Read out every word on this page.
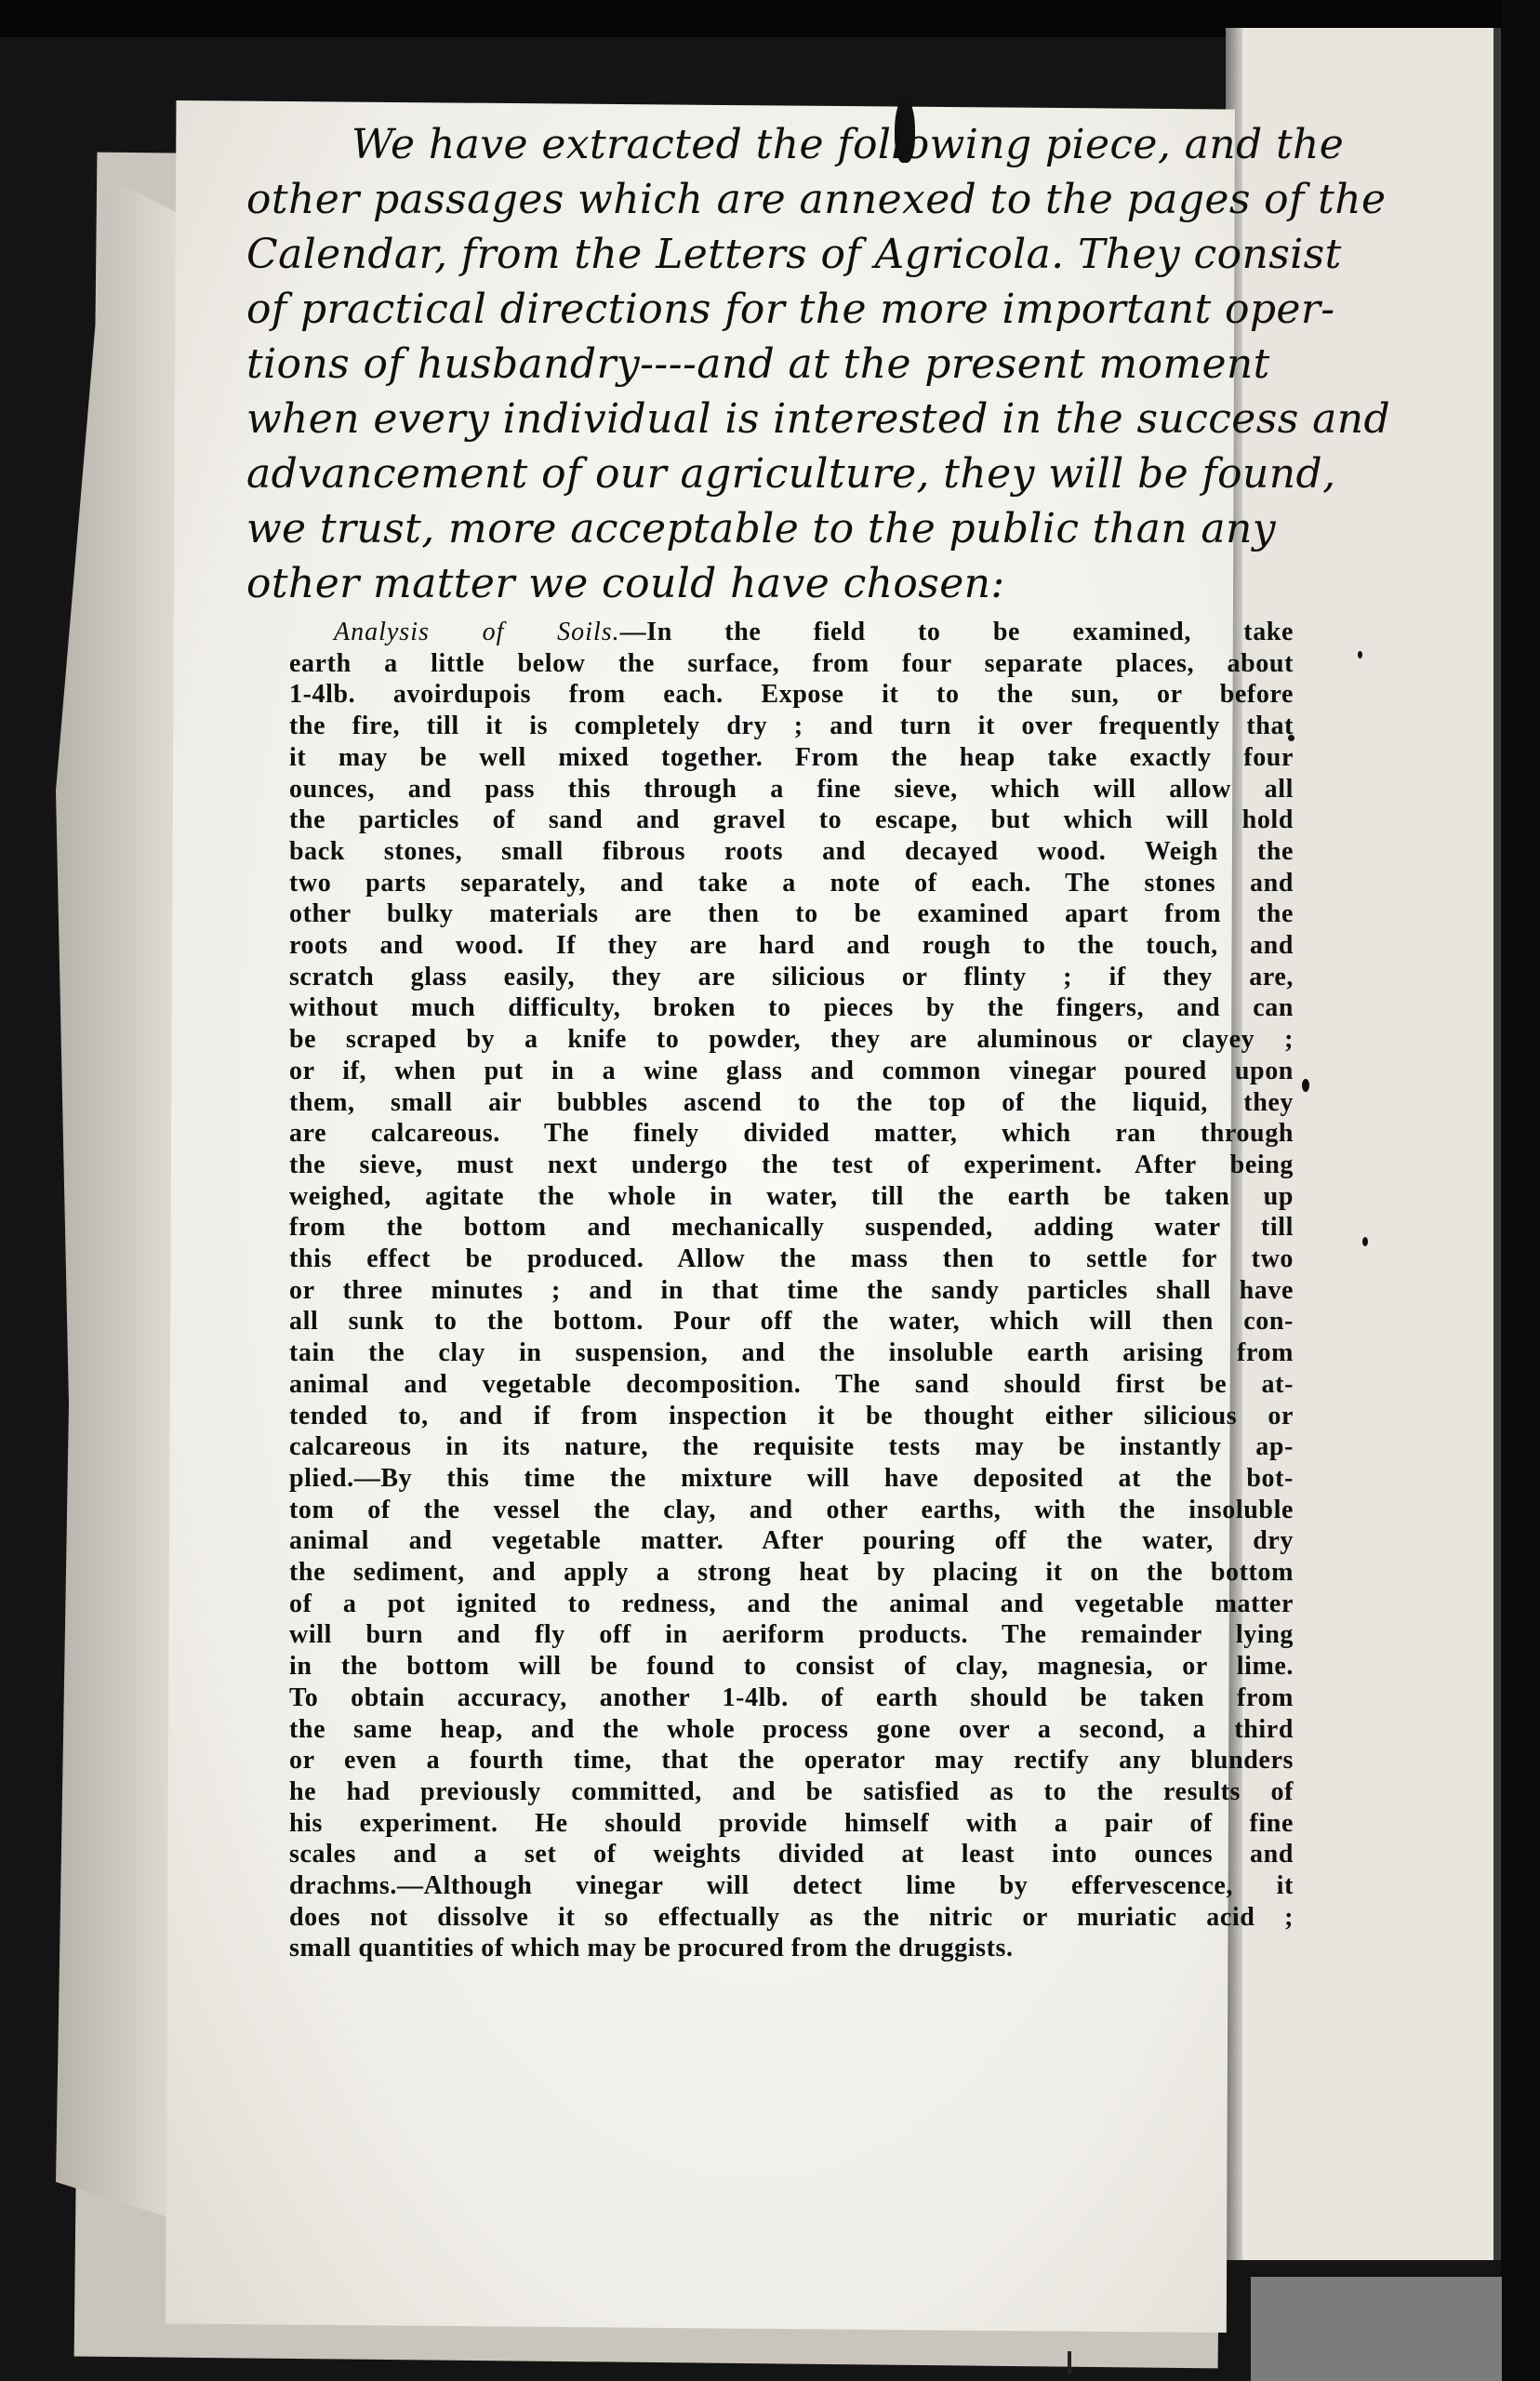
We have extracted the following piece, and the
other passages which are annexed to the pages of the
Calendar, from the Letters of Agricola. They consist
of practical directions for the more important oper-
tions of husbandry----and at the present moment
when every individual is interested in the success and
advancement of our agriculture, they will be found,
we trust, more acceptable to the public than any
other matter we could have chosen:
Analysis of Soils.—In the field to be examined, take
earth a little below the surface, from four separate places, about
1-4lb. avoirdupois from each. Expose it to the sun, or before
the fire, till it is completely dry ; and turn it over frequently that
it may be well mixed together. From the heap take exactly four
ounces, and pass this through a fine sieve, which will allow all
the particles of sand and gravel to escape, but which will hold
back stones, small fibrous roots and decayed wood. Weigh the
two parts separately, and take a note of each. The stones and
other bulky materials are then to be examined apart from the
roots and wood. If they are hard and rough to the touch, and
scratch glass easily, they are silicious or flinty ; if they are,
without much difficulty, broken to pieces by the fingers, and can
be scraped by a knife to powder, they are aluminous or clayey ;
or if, when put in a wine glass and common vinegar poured upon
them, small air bubbles ascend to the top of the liquid, they
are calcareous. The finely divided matter, which ran through
the sieve, must next undergo the test of experiment. After being
weighed, agitate the whole in water, till the earth be taken up
from the bottom and mechanically suspended, adding water till
this effect be produced. Allow the mass then to settle for two
or three minutes ; and in that time the sandy particles shall have
all sunk to the bottom. Pour off the water, which will then con-
tain the clay in suspension, and the insoluble earth arising from
animal and vegetable decomposition. The sand should first be at-
tended to, and if from inspection it be thought either silicious or
calcareous in its nature, the requisite tests may be instantly ap-
plied.—By this time the mixture will have deposited at the bot-
tom of the vessel the clay, and other earths, with the insoluble
animal and vegetable matter. After pouring off the water, dry
the sediment, and apply a strong heat by placing it on the bottom
of a pot ignited to redness, and the animal and vegetable matter
will burn and fly off in aeriform products. The remainder lying
in the bottom will be found to consist of clay, magnesia, or lime.
To obtain accuracy, another 1-4lb. of earth should be taken from
the same heap, and the whole process gone over a second, a third
or even a fourth time, that the operator may rectify any blunders
he had previously committed, and be satisfied as to the results of
his experiment. He should provide himself with a pair of fine
scales and a set of weights divided at least into ounces and
drachms.—Although vinegar will detect lime by effervescence, it
does not dissolve it so effectually as the nitric or muriatic acid ;
small quantities of which may be procured from the druggists.
